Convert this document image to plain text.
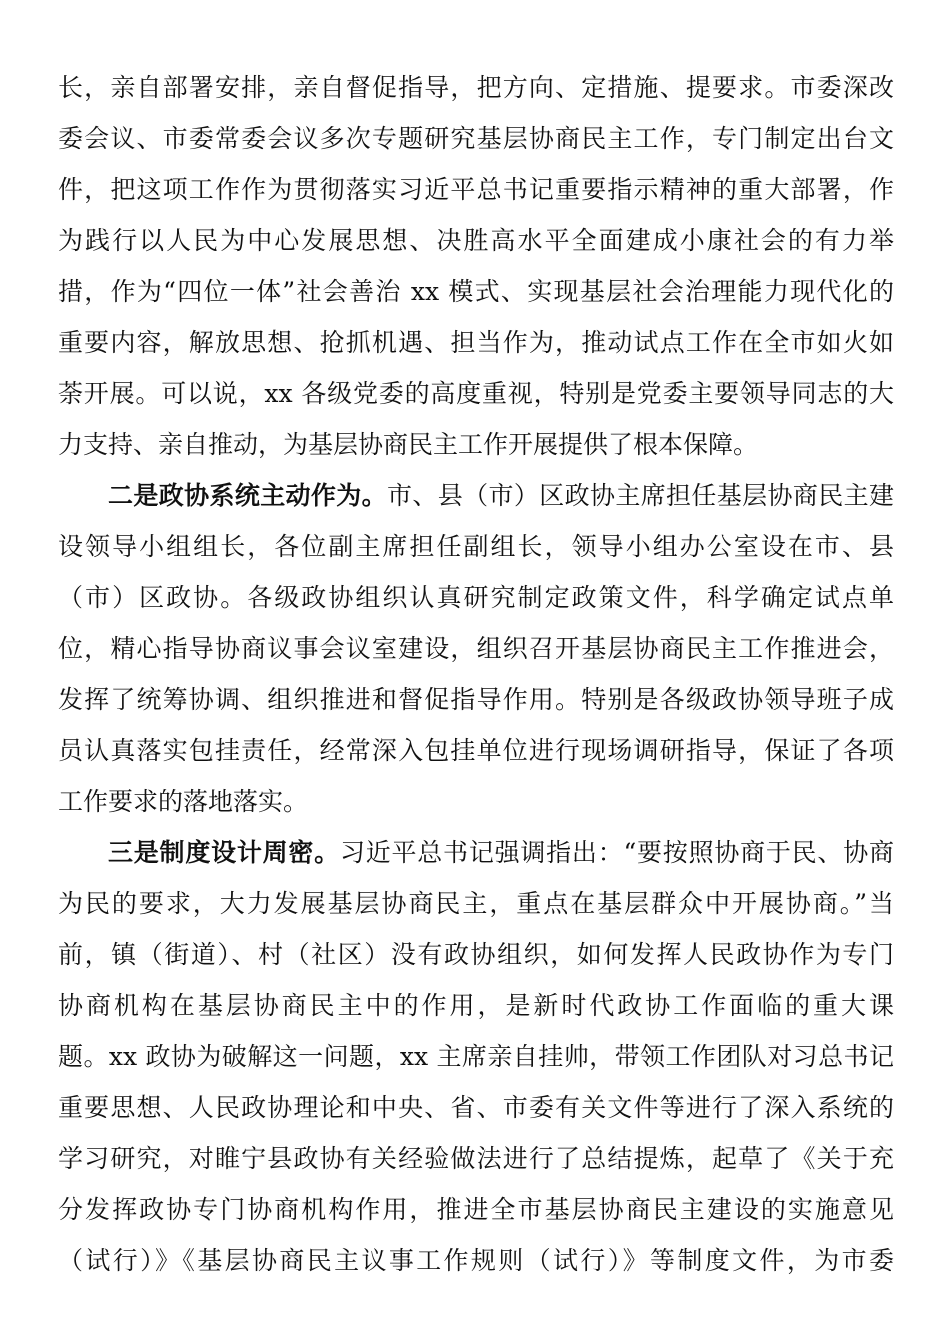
长，亲自部署安排，亲自督促指导，把方向、定措施、提要求。市委深改
委会议、市委常委会议多次专题研究基层协商民主工作，专门制定出台文
件，把这项工作作为贯彻落实习近平总书记重要指示精神的重大部署，作
为践行以人民为中心发展思想、决胜高水平全面建成小康社会的有力举
措，作为“四位一体”社会善治 xx 模式、实现基层社会治理能力现代化的
重要内容，解放思想、抢抓机遇、担当作为，推动试点工作在全市如火如
荼开展。可以说，xx 各级党委的高度重视，特别是党委主要领导同志的大
力支持、亲自推动，为基层协商民主工作开展提供了根本保障。
二是政协系统主动作为。市、县（市）区政协主席担任基层协商民主建
设领导小组组长，各位副主席担任副组长，领导小组办公室设在市、县
（市）区政协。各级政协组织认真研究制定政策文件，科学确定试点单
位，精心指导协商议事会议室建设，组织召开基层协商民主工作推进会，
发挥了统筹协调、组织推进和督促指导作用。特别是各级政协领导班子成
员认真落实包挂责任，经常深入包挂单位进行现场调研指导，保证了各项
工作要求的落地落实。
三是制度设计周密。习近平总书记强调指出：“要按照协商于民、协商
为民的要求，大力发展基层协商民主，重点在基层群众中开展协商。”当
前，镇（街道）、村（社区）没有政协组织，如何发挥人民政协作为专门
协商机构在基层协商民主中的作用，是新时代政协工作面临的重大课
题。xx 政协为破解这一问题，xx 主席亲自挂帅，带领工作团队对习总书记
重要思想、人民政协理论和中央、省、市委有关文件等进行了深入系统的
学习研究，对睢宁县政协有关经验做法进行了总结提炼，起草了《关于充
分发挥政协专门协商机构作用，推进全市基层协商民主建设的实施意见
（试行）》《基层协商民主议事工作规则（试行）》等制度文件，为市委
